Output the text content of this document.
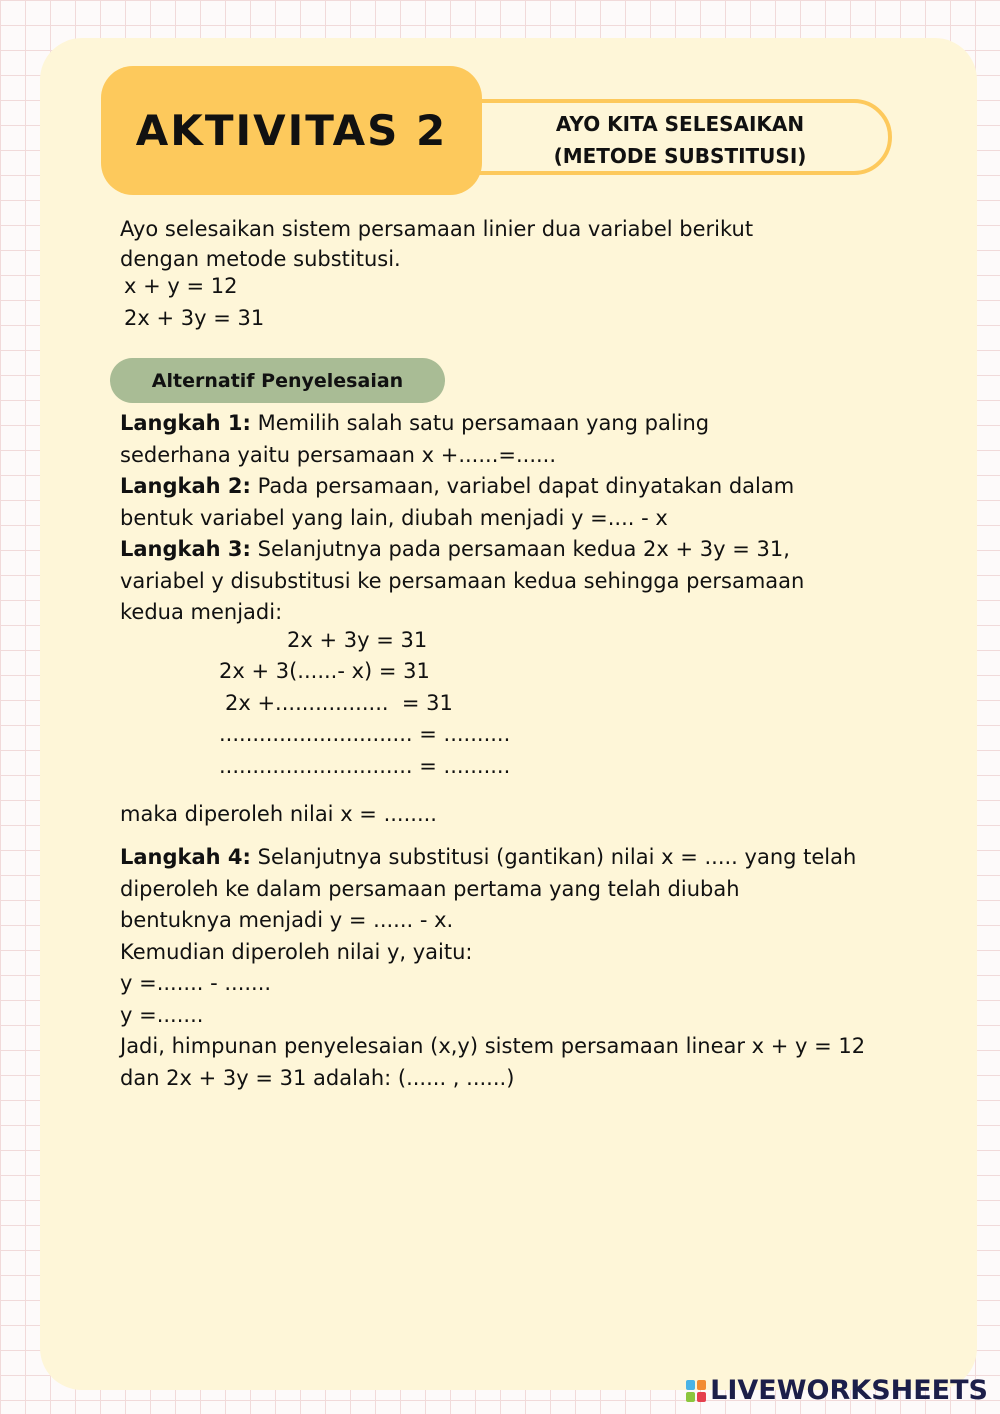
AKTIVITAS 2	AYO KITA SELESAIKAN
(METODE SUBSTITUSI)

Ayo selesaikan sistem persamaan linier dua variabel berikut

dengan metode substitusi.

x + y = 12

2x + 3y = 31

Alternatif Penyelesaian

Langkah 1: Memilih salah satu persamaan yang paling

sederhana yaitu persamaan x +......=......

Langkah 2: Pada persamaan, variabel dapat dinyatakan dalam

bentuk variabel yang lain, diubah menjadi y =.... - x

Langkah 3: Selanjutnya pada persamaan kedua 2x + 3y = 31,

variabel y disubstitusi ke persamaan kedua sehingga persamaan

kedua menjadi:

2x + 3y = 31
2x + 3(......- x) = 31
2x +.................  = 31
............................. = ..........
............................. = ..........

maka diperoleh nilai x = ........

Langkah 4: Selanjutnya substitusi (gantikan) nilai x = ..... yang telah

diperoleh ke dalam persamaan pertama yang telah diubah

bentuknya menjadi y = ...... - x.

Kemudian diperoleh nilai y, yaitu:

y =....... - .......

y =.......

Jadi, himpunan penyelesaian (x,y) sistem persamaan linear x + y = 12

dan 2x + 3y = 31 adalah: (...... , ......)

LIVEWORKSHEETS
